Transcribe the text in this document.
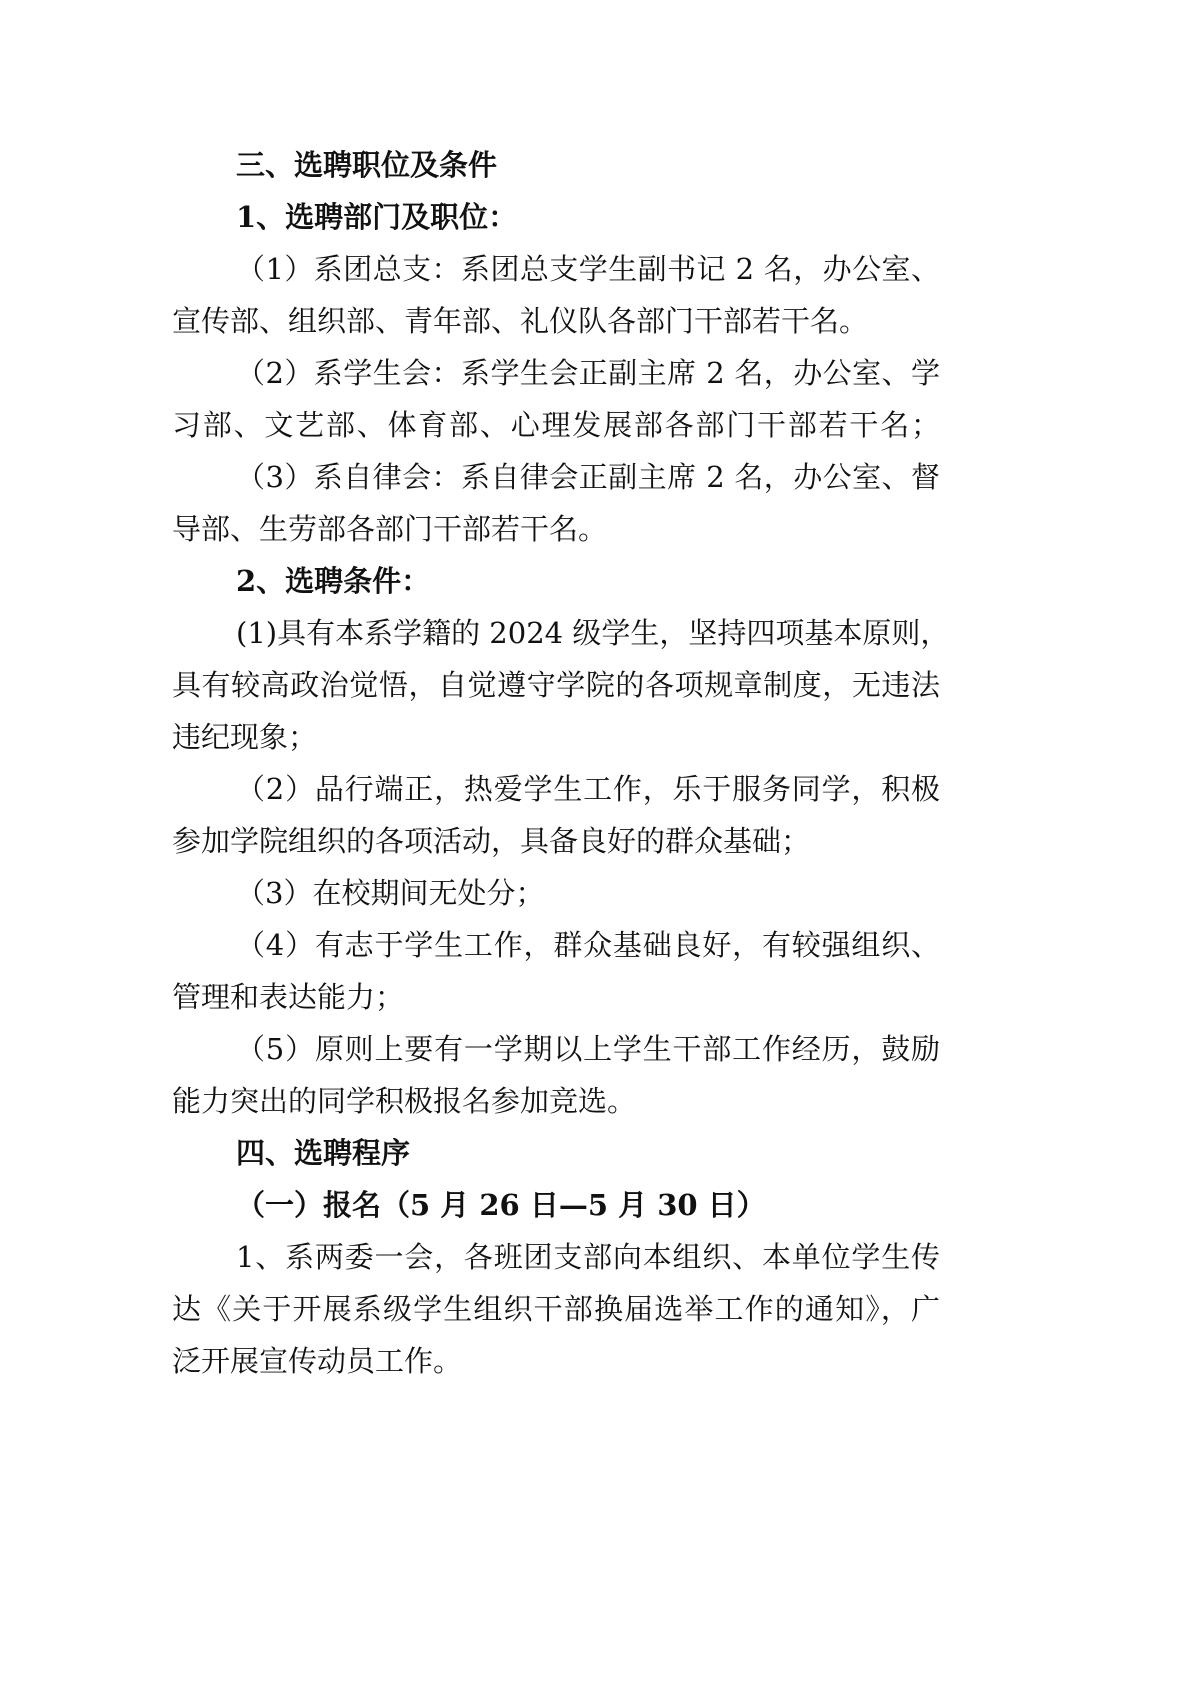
三、选聘职位及条件
1、选聘部门及职位：
（1）系团总支：系团总支学生副书记 2 名，办公室、
宣传部、组织部、青年部、礼仪队各部门干部若干名。
（2）系学生会：系学生会正副主席 2 名，办公室、学
习部、文艺部、体育部、心理发展部各部门干部若干名；
（3）系自律会：系自律会正副主席 2 名，办公室、督
导部、生劳部各部门干部若干名。
2、选聘条件：
(1)具有本系学籍的 2024 级学生，坚持四项基本原则，
具有较高政治觉悟，自觉遵守学院的各项规章制度，无违法
违纪现象；
（2）品行端正，热爱学生工作，乐于服务同学，积极
参加学院组织的各项活动，具备良好的群众基础；
（3）在校期间无处分；
（4）有志于学生工作，群众基础良好，有较强组织、
管理和表达能力；
（5）原则上要有一学期以上学生干部工作经历，鼓励
能力突出的同学积极报名参加竞选。
四、选聘程序
（一）报名（5 月 26 日—5 月 30 日）
1、系两委一会，各班团支部向本组织、本单位学生传
达《关于开展系级学生组织干部换届选举工作的通知》，广
泛开展宣传动员工作。
